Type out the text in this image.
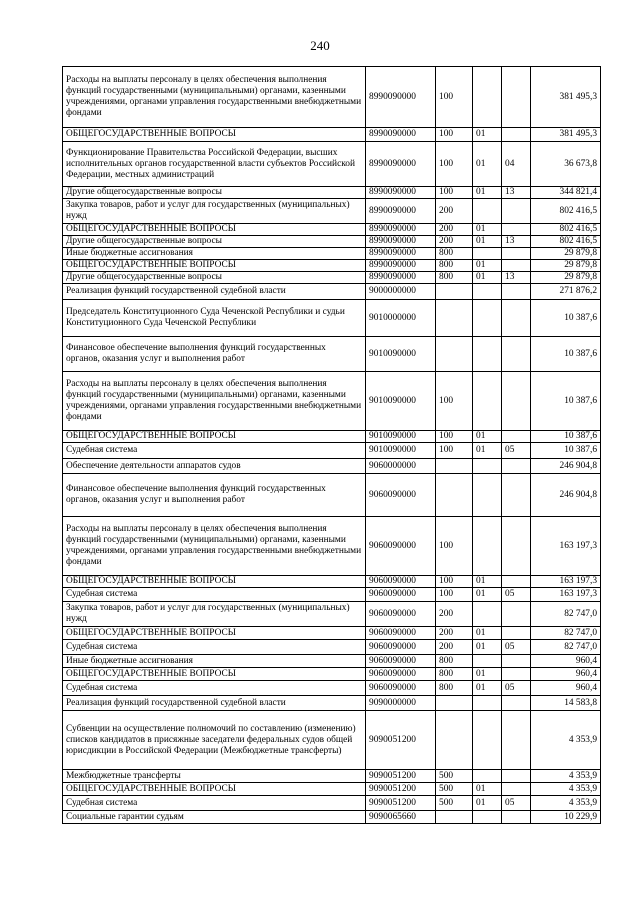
240
Расходы на выплаты персоналу в целях обеспечения выполнения функций государственными (муниципальными) органами, казенными учреждениями, органами управления государственными внебюджетными фондами	8990090000	100			381 495,3
ОБЩЕГОСУДАРСТВЕННЫЕ ВОПРОСЫ	8990090000	100	01		381 495,3
Функционирование Правительства Российской Федерации, высших исполнительных органов государственной власти субъектов Российской Федерации, местных администраций	8990090000	100	01	04	36 673,8
Другие общегосударственные вопросы	8990090000	100	01	13	344 821,4
Закупка товаров, работ и услуг для государственных (муниципальных) нужд	8990090000	200			802 416,5
ОБЩЕГОСУДАРСТВЕННЫЕ ВОПРОСЫ	8990090000	200	01		802 416,5
Другие общегосударственные вопросы	8990090000	200	01	13	802 416,5
Иные бюджетные ассигнования	8990090000	800			29 879,8
ОБЩЕГОСУДАРСТВЕННЫЕ ВОПРОСЫ	8990090000	800	01		29 879,8
Другие общегосударственные вопросы	8990090000	800	01	13	29 879,8
Реализация функций государственной судебной власти	9000000000				271 876,2
Председатель Конституционного Суда Чеченской Республики и судьи Конституционного Суда Чеченской Республики	9010000000				10 387,6
Финансовое обеспечение выполнения функций государственных органов, оказания услуг и выполнения работ	9010090000				10 387,6
Расходы на выплаты персоналу в целях обеспечения выполнения функций государственными (муниципальными) органами, казенными учреждениями, органами управления государственными внебюджетными фондами	9010090000	100			10 387,6
ОБЩЕГОСУДАРСТВЕННЫЕ ВОПРОСЫ	9010090000	100	01		10 387,6
Судебная система	9010090000	100	01	05	10 387,6
Обеспечение деятельности аппаратов судов	9060000000				246 904,8
Финансовое обеспечение выполнения функций государственных органов, оказания услуг и выполнения работ	9060090000				246 904,8
Расходы на выплаты персоналу в целях обеспечения выполнения функций государственными (муниципальными) органами, казенными учреждениями, органами управления государственными внебюджетными фондами	9060090000	100			163 197,3
ОБЩЕГОСУДАРСТВЕННЫЕ ВОПРОСЫ	9060090000	100	01		163 197,3
Судебная система	9060090000	100	01	05	163 197,3
Закупка товаров, работ и услуг для государственных (муниципальных) нужд	9060090000	200			82 747,0
ОБЩЕГОСУДАРСТВЕННЫЕ ВОПРОСЫ	9060090000	200	01		82 747,0
Судебная система	9060090000	200	01	05	82 747,0
Иные бюджетные ассигнования	9060090000	800			960,4
ОБЩЕГОСУДАРСТВЕННЫЕ ВОПРОСЫ	9060090000	800	01		960,4
Судебная система	9060090000	800	01	05	960,4
Реализация функций государственной судебной власти	9090000000				14 583,8
Субвенции на осуществление полномочий по составлению (изменению) списков кандидатов в присяжные заседатели федеральных судов общей юрисдикции в Российской Федерации (Межбюджетные трансферты)	9090051200				4 353,9
Межбюджетные трансферты	9090051200	500			4 353,9
ОБЩЕГОСУДАРСТВЕННЫЕ ВОПРОСЫ	9090051200	500	01		4 353,9
Судебная система	9090051200	500	01	05	4 353,9
Социальные гарантии судьям	9090065660				10 229,9
